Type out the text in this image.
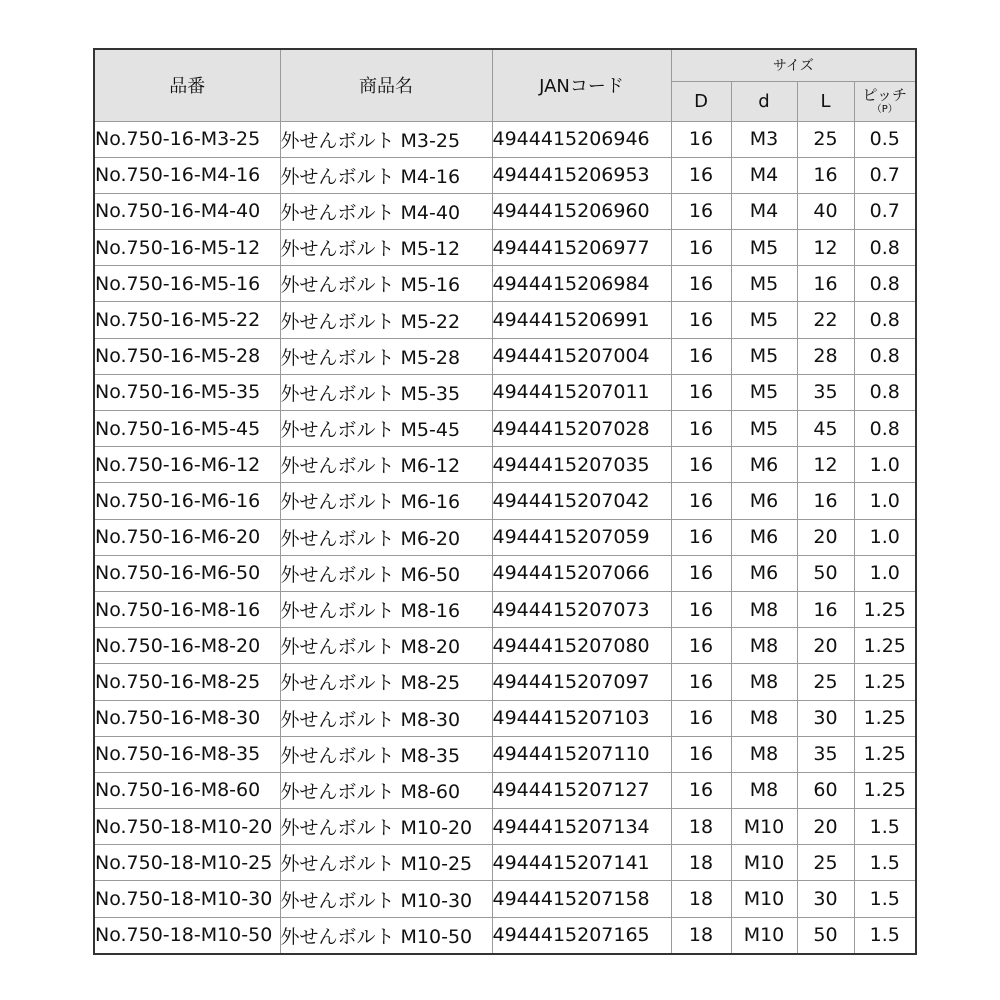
品番	商品名	JANコード	サイズ			
			D	d	L	ピッチ
（P）

No.750-16-M3-25	外せんボルト M3-25	4944415206946	16	M3	25	0.5
No.750-16-M4-16	外せんボルト M4-16	4944415206953	16	M4	16	0.7
No.750-16-M4-40	外せんボルト M4-40	4944415206960	16	M4	40	0.7
No.750-16-M5-12	外せんボルト M5-12	4944415206977	16	M5	12	0.8
No.750-16-M5-16	外せんボルト M5-16	4944415206984	16	M5	16	0.8
No.750-16-M5-22	外せんボルト M5-22	4944415206991	16	M5	22	0.8
No.750-16-M5-28	外せんボルト M5-28	4944415207004	16	M5	28	0.8
No.750-16-M5-35	外せんボルト M5-35	4944415207011	16	M5	35	0.8
No.750-16-M5-45	外せんボルト M5-45	4944415207028	16	M5	45	0.8
No.750-16-M6-12	外せんボルト M6-12	4944415207035	16	M6	12	1.0
No.750-16-M6-16	外せんボルト M6-16	4944415207042	16	M6	16	1.0
No.750-16-M6-20	外せんボルト M6-20	4944415207059	16	M6	20	1.0
No.750-16-M6-50	外せんボルト M6-50	4944415207066	16	M6	50	1.0
No.750-16-M8-16	外せんボルト M8-16	4944415207073	16	M8	16	1.25
No.750-16-M8-20	外せんボルト M8-20	4944415207080	16	M8	20	1.25
No.750-16-M8-25	外せんボルト M8-25	4944415207097	16	M8	25	1.25
No.750-16-M8-30	外せんボルト M8-30	4944415207103	16	M8	30	1.25
No.750-16-M8-35	外せんボルト M8-35	4944415207110	16	M8	35	1.25
No.750-16-M8-60	外せんボルト M8-60	4944415207127	16	M8	60	1.25
No.750-18-M10-20	外せんボルト M10-20	4944415207134	18	M10	20	1.5
No.750-18-M10-25	外せんボルト M10-25	4944415207141	18	M10	25	1.5
No.750-18-M10-30	外せんボルト M10-30	4944415207158	18	M10	30	1.5
No.750-18-M10-50	外せんボルト M10-50	4944415207165	18	M10	50	1.5
